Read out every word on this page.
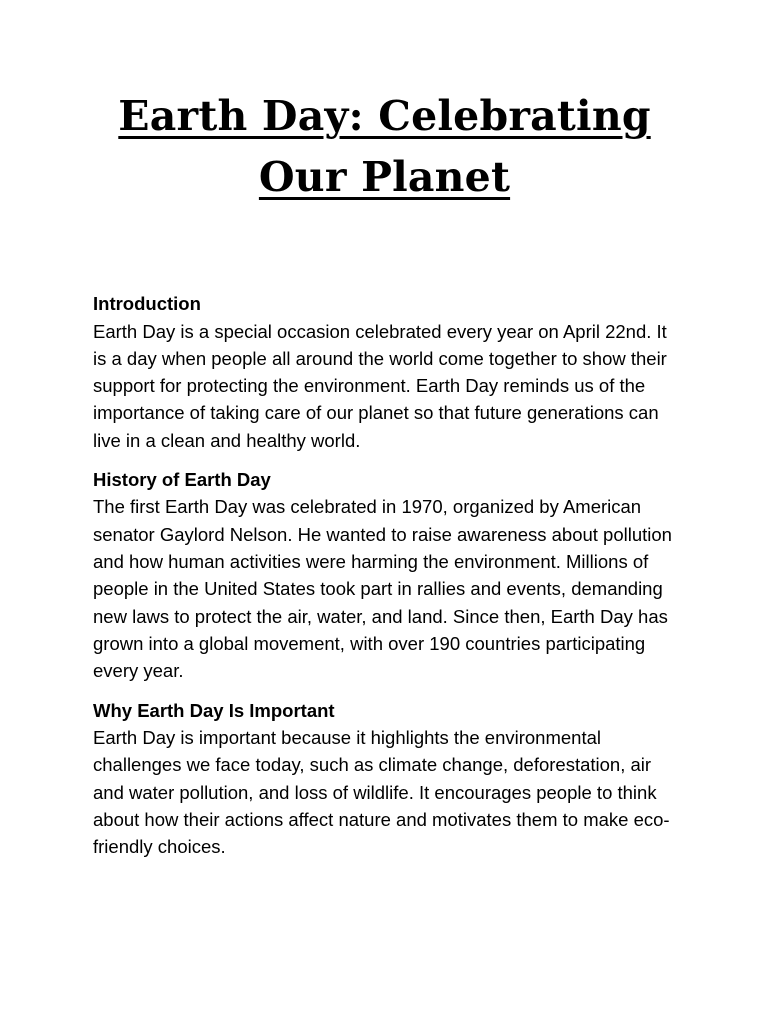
Earth Day: Celebrating Our Planet

Introduction

Earth Day is a special occasion celebrated every year on April 22nd. It is a day when people all around the world come together to show their support for protecting the environment. Earth Day reminds us of the importance of taking care of our planet so that future generations can live in a clean and healthy world.

History of Earth Day

The first Earth Day was celebrated in 1970, organized by American senator Gaylord Nelson. He wanted to raise awareness about pollution and how human activities were harming the environment. Millions of people in the United States took part in rallies and events, demanding new laws to protect the air, water, and land. Since then, Earth Day has grown into a global movement, with over 190 countries participating every year.

Why Earth Day Is Important

Earth Day is important because it highlights the environmental challenges we face today, such as climate change, deforestation, air and water pollution, and loss of wildlife. It encourages people to think about how their actions affect nature and motivates them to make eco-friendly choices.
